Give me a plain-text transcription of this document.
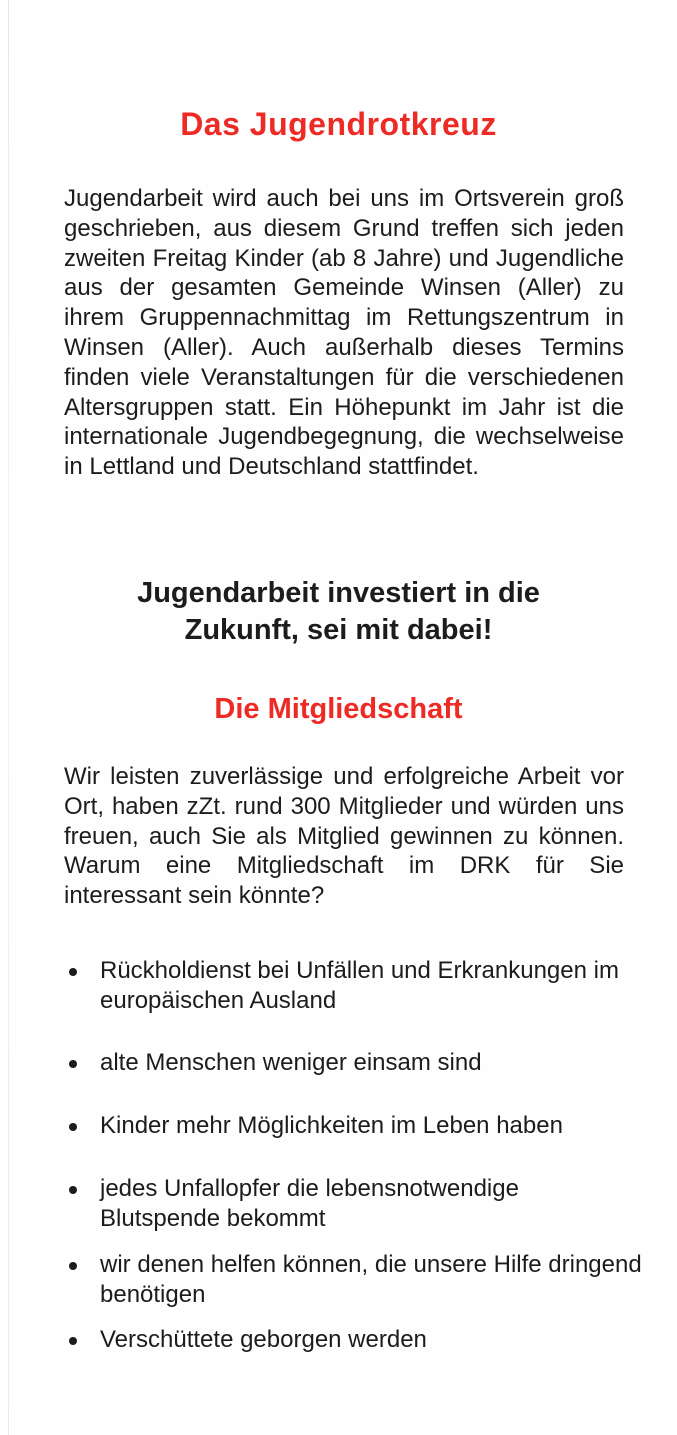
Das Jugendrotkreuz

Jugendarbeit wird auch bei uns im Ortsverein groß geschrieben, aus diesem Grund treffen sich jeden zweiten Freitag Kinder (ab 8 Jahre) und Jugendliche aus der gesamten Gemeinde Winsen (Aller) zu ihrem Gruppennachmittag im Rettungszentrum in Winsen (Aller). Auch außerhalb dieses Termins finden viele Veranstaltungen für die verschiedenen Altersgruppen statt. Ein Höhepunkt im Jahr ist die internationale Jugendbegegnung, die wechselweise in Lettland und Deutschland stattfindet.

Jugendarbeit investiert in die
Zukunft, sei mit dabei!
Die Mitgliedschaft

Wir leisten zuverlässige und erfolgreiche Arbeit vor Ort, haben zZt. rund 300 Mitglieder und würden uns freuen, auch Sie als Mitglied gewinnen zu können. Warum eine Mitgliedschaft im DRK für Sie interessant sein könnte?

Rückholdienst bei Unfällen und Erkrankungen im europäischen Ausland
alte Menschen weniger einsam sind
Kinder mehr Möglichkeiten im Leben haben
jedes Unfallopfer die lebensnotwendige Blutspende bekommt
wir denen helfen können, die unsere Hilfe dringend benötigen
Verschüttete geborgen werden
